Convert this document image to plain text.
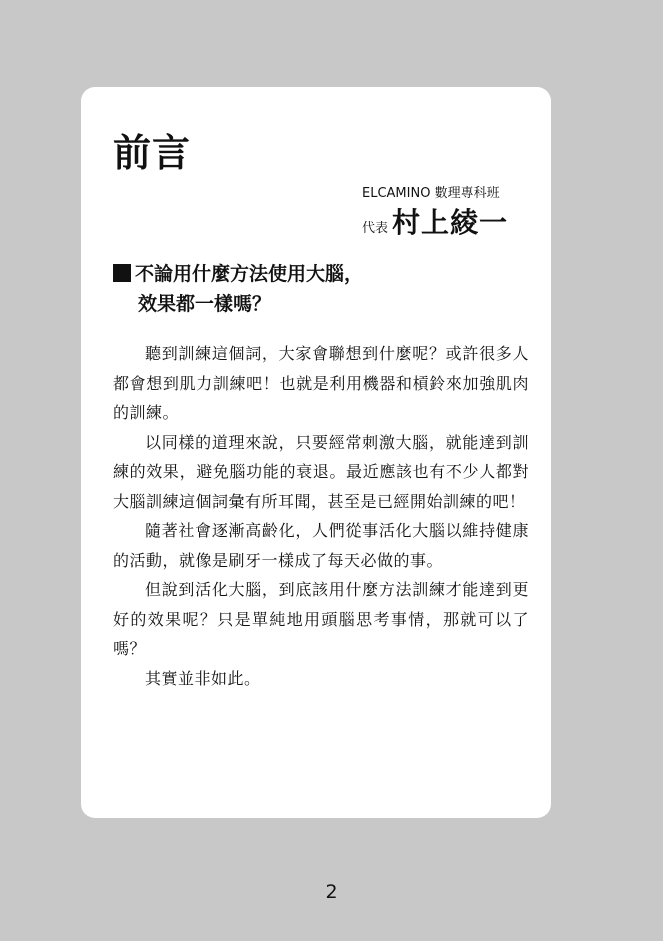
前言
ELCAMINO 數理專科班
代表 村上綾一
不論用什麼方法使用大腦，
效果都一樣嗎？

聽到訓練這個詞，大家會聯想到什麼呢？或許很多人都會想到肌力訓練吧！也就是利用機器和槓鈴來加強肌肉的訓練。

以同樣的道理來說，只要經常刺激大腦，就能達到訓練的效果，避免腦功能的衰退。最近應該也有不少人都對大腦訓練這個詞彙有所耳聞，甚至是已經開始訓練的吧！

隨著社會逐漸高齡化，人們從事活化大腦以維持健康的活動，就像是刷牙一樣成了每天必做的事。

但說到活化大腦，到底該用什麼方法訓練才能達到更好的效果呢？只是單純地用頭腦思考事情，那就可以了嗎？

其實並非如此。

2
